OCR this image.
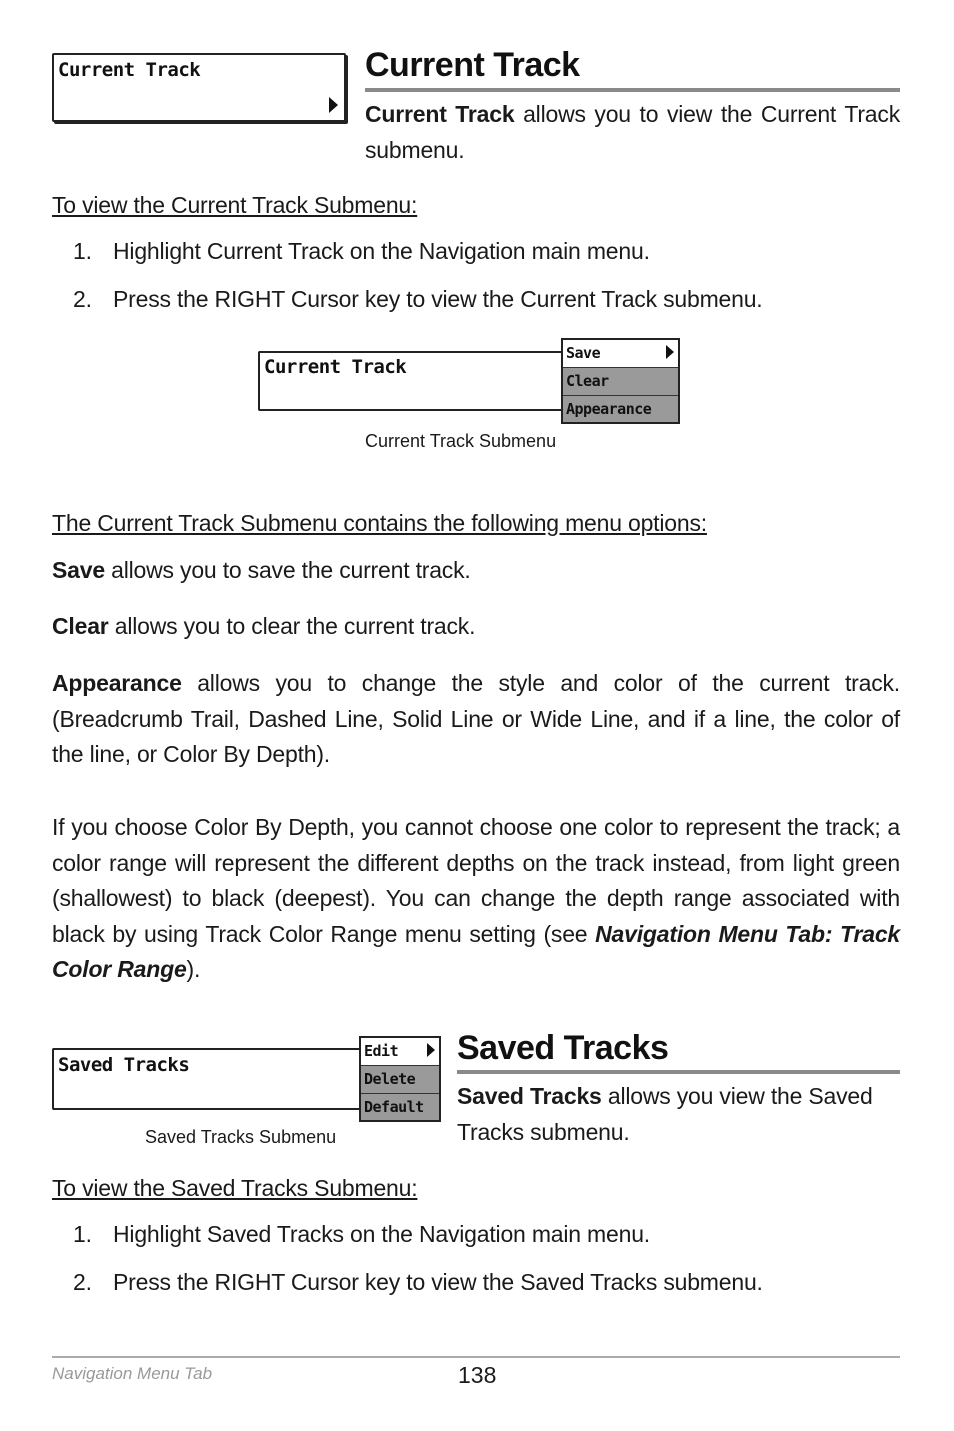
Current Track	Current Track

Current Track allows you to view the Current Track submenu.

To view the Current Track Submenu:
1. Highlight Current Track on the Navigation main menu.
2. Press the RIGHT Cursor key to view the Current Track submenu.
Current Track
Save
Clear
Appearance
Current Track Submenu
The Current Track Submenu contains the following menu options:

Save allows you to save the current track.

Clear allows you to clear the current track.

Appearance allows you to change the style and color of the current track. (Breadcrumb Trail, Dashed Line, Solid Line or Wide Line, and if a line, the color of the line, or Color By Depth).

If you choose Color By Depth, you cannot choose one color to represent the track; a color range will represent the different depths on the track instead, from light green (shallowest) to black (deepest). You can change the depth range associated with black by using Track Color Range menu setting (see Navigation Menu Tab: Track Color Range).

Saved Tracks
Edit
Delete
Default
Saved Tracks Submenu
Saved Tracks

Saved Tracks allows you view the Saved Tracks submenu.

To view the Saved Tracks Submenu:
1. Highlight Saved Tracks on the Navigation main menu.
2. Press the RIGHT Cursor key to view the Saved Tracks submenu.
Navigation Menu Tab	138
